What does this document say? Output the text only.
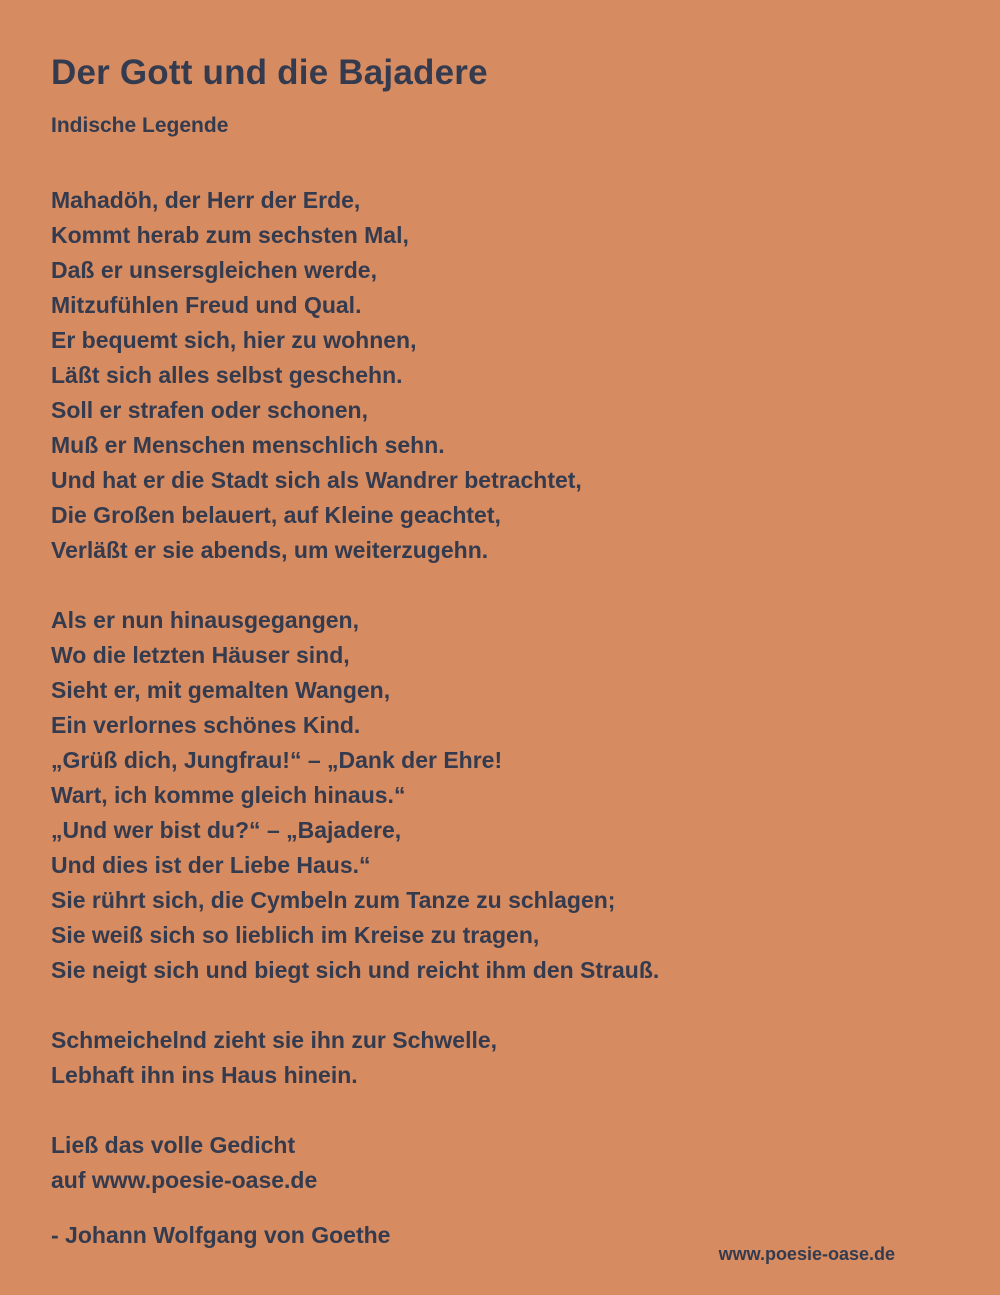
Der Gott und die Bajadere
Indische Legende
Mahadöh, der Herr der Erde,
Kommt herab zum sechsten Mal,
Daß er unsersgleichen werde,
Mitzufühlen Freud und Qual.
Er bequemt sich, hier zu wohnen,
Läßt sich alles selbst geschehn.
Soll er strafen oder schonen,
Muß er Menschen menschlich sehn.
Und hat er die Stadt sich als Wandrer betrachtet,
Die Großen belauert, auf Kleine geachtet,
Verläßt er sie abends, um weiterzugehn.
Als er nun hinausgegangen,
Wo die letzten Häuser sind,
Sieht er, mit gemalten Wangen,
Ein verlornes schönes Kind.
„Grüß dich, Jungfrau!“ – „Dank der Ehre!
Wart, ich komme gleich hinaus.“
„Und wer bist du?“ – „Bajadere,
Und dies ist der Liebe Haus.“
Sie rührt sich, die Cymbeln zum Tanze zu schlagen;
Sie weiß sich so lieblich im Kreise zu tragen,
Sie neigt sich und biegt sich und reicht ihm den Strauß.
Schmeichelnd zieht sie ihn zur Schwelle,
Lebhaft ihn ins Haus hinein.
Ließ das volle Gedicht
auf www.poesie-oase.de
- Johann Wolfgang von Goethe
www.poesie-oase.de
